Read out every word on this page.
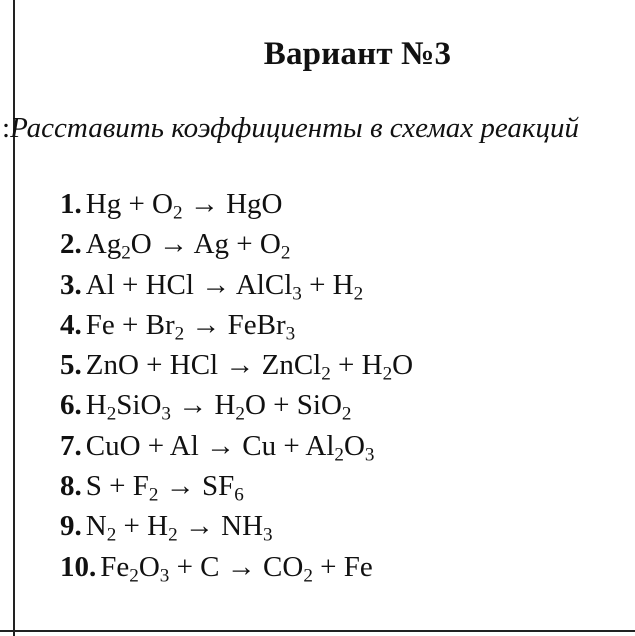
Вариант №3
:Расставить коэффициенты в схемах реакций
1. $Hg + O_2$ → HgO
2. $Ag_2O \to Ag + O_2$
3. Al + HCl → AlCl$_3$ + $H_2$
4. $Fe + Br_2$ → FeBr$_3$
5. ZnO + HCl → ZnCl$_2$ + $H_2O$
6. $H_2SiO_3 \to H_2O + SiO_2$
7. CuO + $Al \to Cu + Al_2O_3$
8. $S + F_2 \to SF_6$
9. $N_2 + H_2 \to NH_3$
10. $Fe_2O_3 + C \to CO_2 + Fe$
